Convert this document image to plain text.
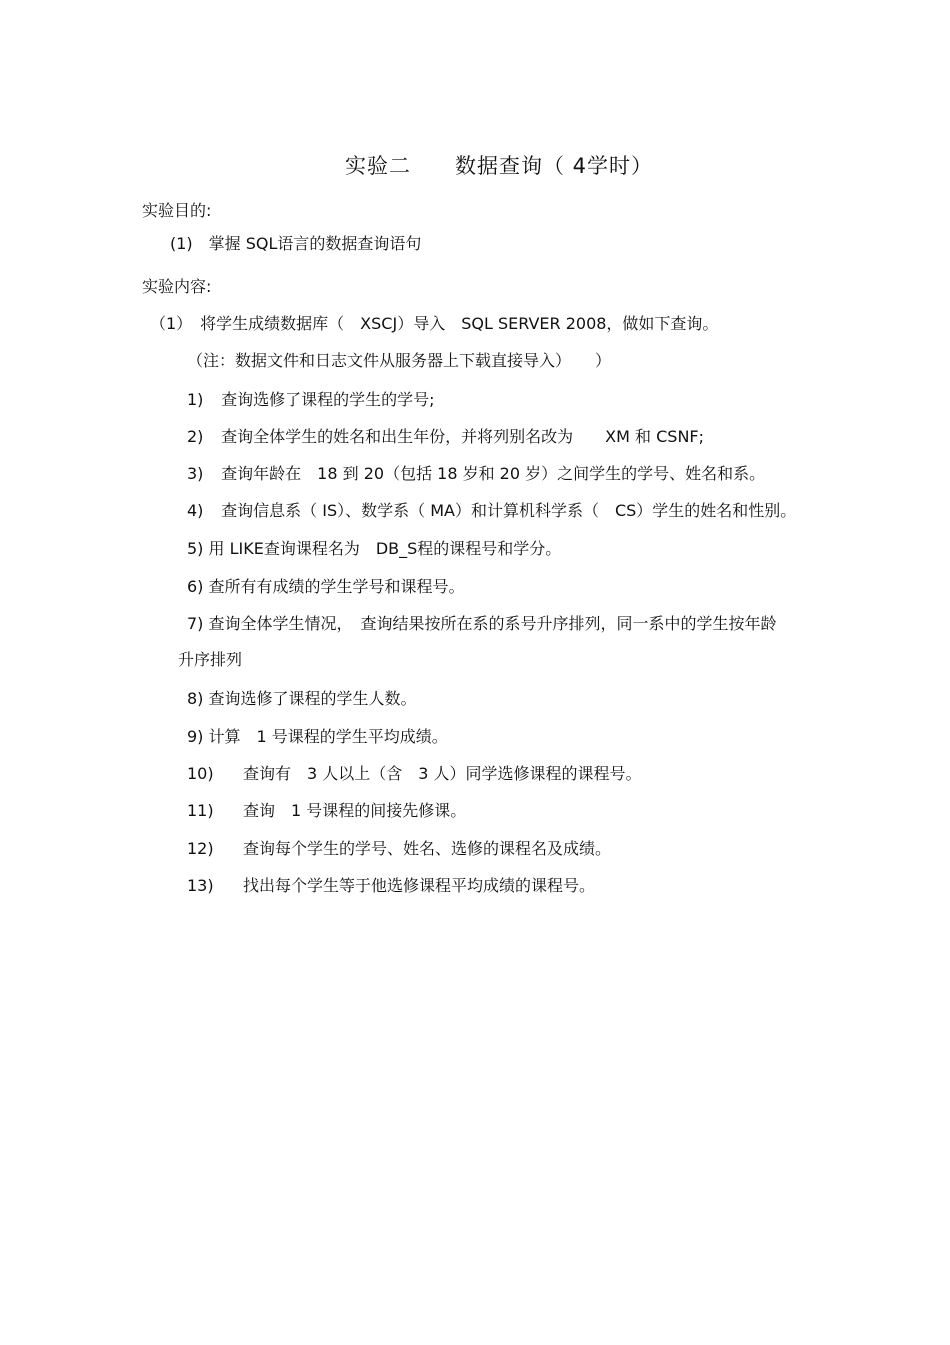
实验二　　数据查询（ 4学时）
实验目的:
(1)　掌握 SQL语言的数据查询语句
实验内容:
（1）　将学生成绩数据库（　XSCJ）导入　SQL SERVER 2008，做如下查询。
（注：数据文件和日志文件从服务器上下载直接导入）　　）
1) 查询选修了课程的学生的学号;
2) 查询全体学生的姓名和出生年份，并将列别名改为　　XM 和 CSNF;
3) 查询年龄在　18 到 20（包括 18 岁和 20 岁）之间学生的学号、姓名和系。
4) 查询信息系（ IS）、数学系（ MA）和计算机科学系（　CS）学生的姓名和性别。
5) 用 LIKE查询课程名为　DB_S程的课程号和学分。
6) 查所有有成绩的学生学号和课程号。
7) 查询全体学生情况，　查询结果按所在系的系号升序排列，同一系中的学生按年龄
升序排列
8) 查询选修了课程的学生人数。
9) 计算　1 号课程的学生平均成绩。
10) 查询有　3 人以上（含　3 人）同学选修课程的课程号。
11) 查询　1 号课程的间接先修课。
12) 查询每个学生的学号、姓名、选修的课程名及成绩。
13) 找出每个学生等于他选修课程平均成绩的课程号。
